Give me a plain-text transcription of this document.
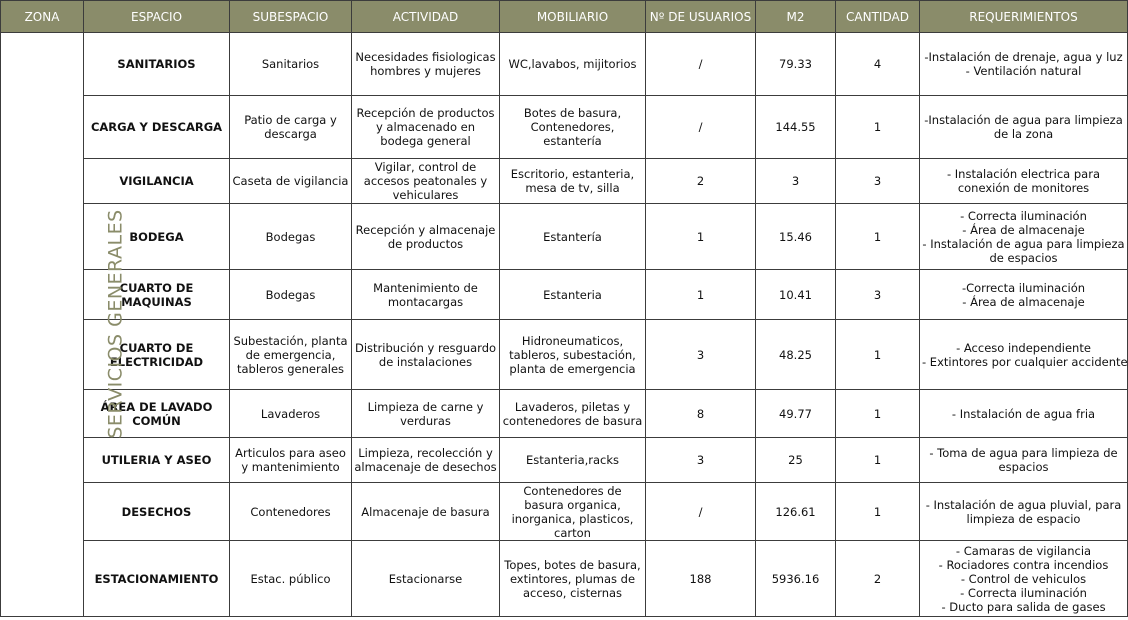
ZONA	ESPACIO	SUBESPACIO	ACTIVIDAD	MOBILIARIO	Nº DE USUARIOS	M2	CANTIDAD	REQUERIMIENTOS
SERVICIOS GENERALES	SANITARIOS	Sanitarios	Necesidades fisiologicas hombres y mujeres	WC,lavabos, mijitorios	/	79.33	4	-Instalación de drenaje, agua y luz
- Ventilación natural

	CARGA Y DESCARGA	Patio de carga y descarga	Recepción de productos y almacenado en bodega general	Botes de basura, Contenedores, estantería	/	144.55	1	-Instalación de agua para limpieza
de la zona

	VIGILANCIA	Caseta de vigilancia	Vigilar, control de accesos peatonales y vehiculares	Escritorio, estanteria, mesa de tv, silla	2	3	3	- Instalación electrica para
conexión de monitores

	BODEGA	Bodegas	Recepción y almacenaje de productos	Estantería	1	15.46	1	- Correcta iluminación
- Área de almacenaje
- Instalación de agua para limpieza
de espacios

	CUARTO DE MAQUINAS	Bodegas	Mantenimiento de montacargas	Estanteria	1	10.41	3	-Correcta iluminación
- Área de almacenaje

	CUARTO DE ELECTRICIDAD	Subestación, planta de emergencia, tableros generales	Distribución y resguardo de instalaciones	Hidroneumaticos, tableros, subestación, planta de emergencia	3	48.25	1	- Acceso independiente
- Extintores por cualquier accidente

	ÁREA DE LAVADO COMÚN	Lavaderos	Limpieza de carne y verduras	Lavaderos, piletas y contenedores de basura	8	49.77	1	- Instalación de agua fria

	UTILERIA Y ASEO	Articulos para aseo y mantenimiento	Limpieza, recolección y almacenaje de desechos	Estanteria,racks	3	25	1	- Toma de agua para limpieza de
espacios

	DESECHOS	Contenedores	Almacenaje de basura	Contenedores de basura organica, inorganica, plasticos, carton	/	126.61	1	- Instalación de agua pluvial, para
limpieza de espacio

	ESTACIONAMIENTO	Estac. público	Estacionarse	Topes, botes de basura, extintores, plumas de acceso, cisternas	188	5936.16	2	- Camaras de vigilancia
- Rociadores contra incendios
- Control de vehiculos
- Correcta iluminación
- Ducto para salida de gases
